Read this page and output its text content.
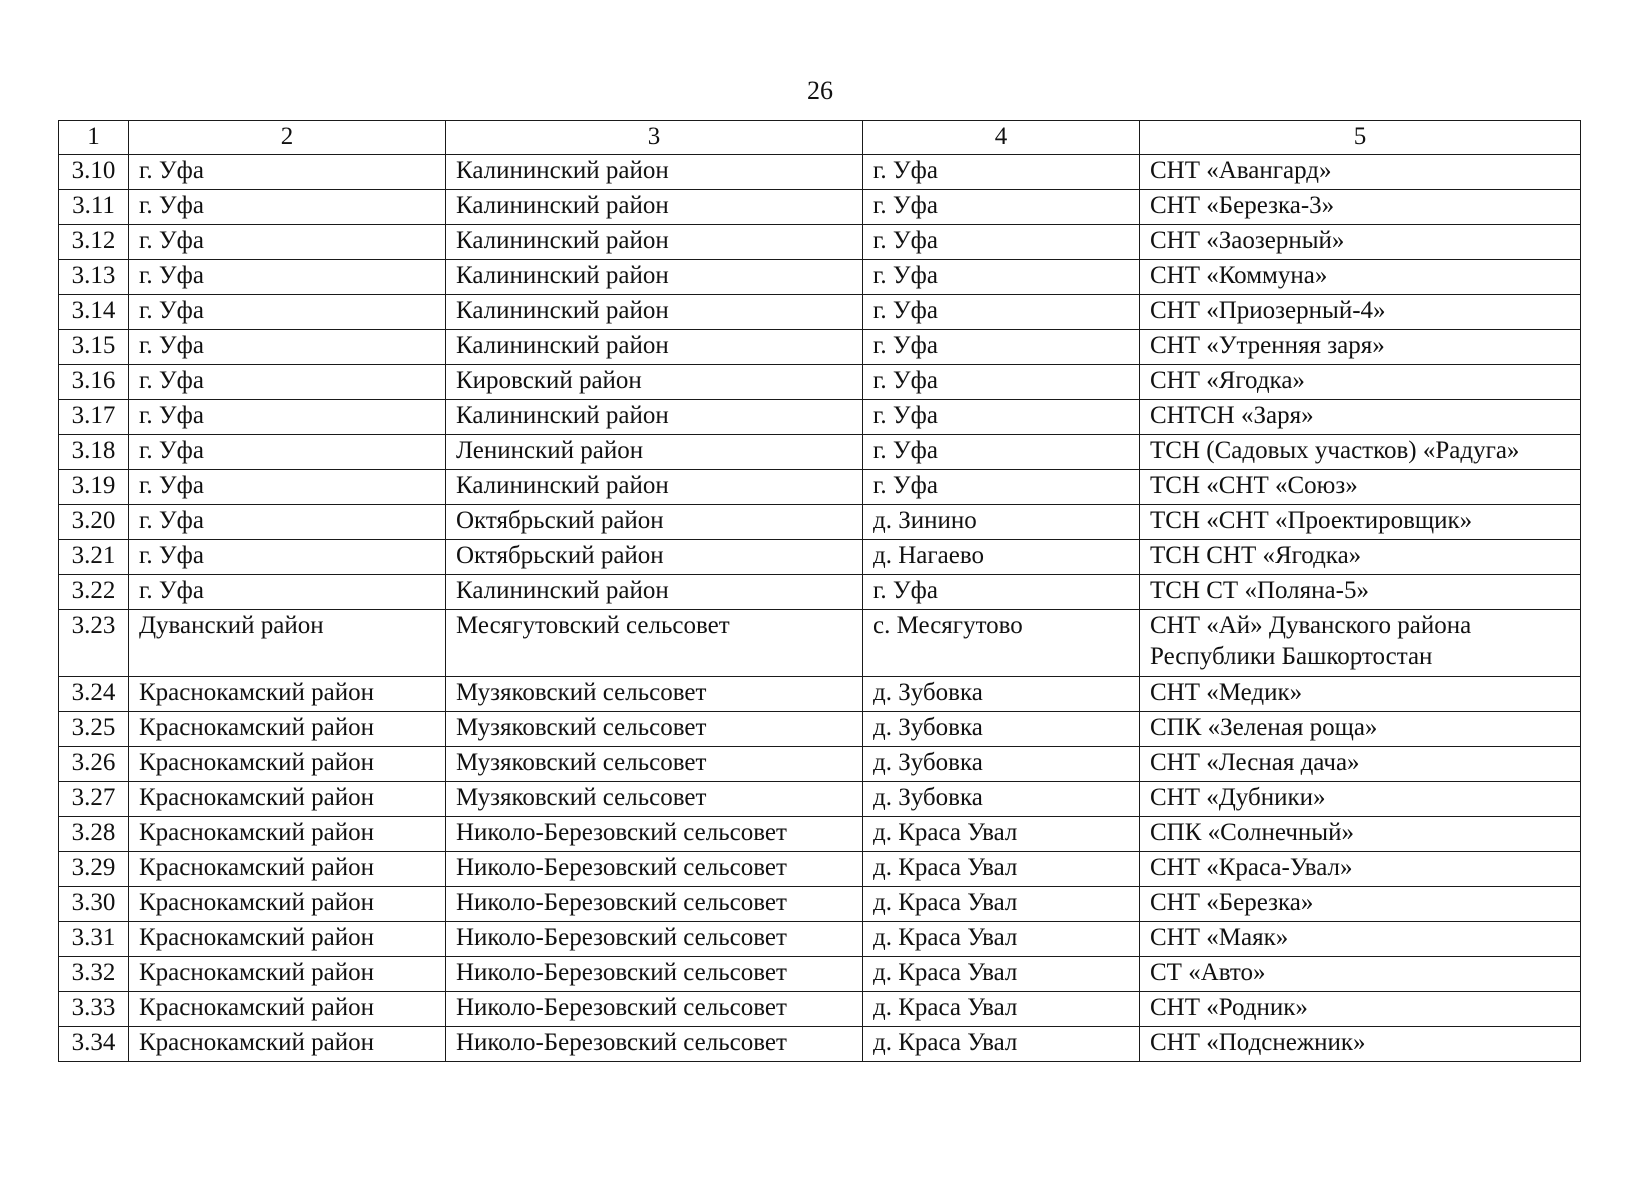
26
1	2	3	4	5
3.10	г. Уфа	Калининский район	г. Уфа	СНТ «Авангард»
3.11	г. Уфа	Калининский район	г. Уфа	СНТ «Березка-3»
3.12	г. Уфа	Калининский район	г. Уфа	СНТ «Заозерный»
3.13	г. Уфа	Калининский район	г. Уфа	СНТ «Коммуна»
3.14	г. Уфа	Калининский район	г. Уфа	СНТ «Приозерный-4»
3.15	г. Уфа	Калининский район	г. Уфа	СНТ «Утренняя заря»
3.16	г. Уфа	Кировский район	г. Уфа	СНТ «Ягодка»
3.17	г. Уфа	Калининский район	г. Уфа	СНТСН «Заря»
3.18	г. Уфа	Ленинский район	г. Уфа	ТСН (Садовых участков) «Радуга»
3.19	г. Уфа	Калининский район	г. Уфа	ТСН «СНТ «Союз»
3.20	г. Уфа	Октябрьский район	д. Зинино	ТСН «СНТ «Проектировщик»
3.21	г. Уфа	Октябрьский район	д. Нагаево	ТСН СНТ «Ягодка»
3.22	г. Уфа	Калининский район	г. Уфа	ТСН СТ «Поляна-5»
3.23	Дуванский район	Месягутовский сельсовет	с. Месягутово	СНТ «Ай» Дуванского района Республики Башкортостан
3.24	Краснокамский район	Музяковский сельсовет	д. Зубовка	СНТ «Медик»
3.25	Краснокамский район	Музяковский сельсовет	д. Зубовка	СПК «Зеленая роща»
3.26	Краснокамский район	Музяковский сельсовет	д. Зубовка	СНТ «Лесная дача»
3.27	Краснокамский район	Музяковский сельсовет	д. Зубовка	СНТ «Дубники»
3.28	Краснокамский район	Николо-Березовский сельсовет	д. Краса Увал	СПК «Солнечный»
3.29	Краснокамский район	Николо-Березовский сельсовет	д. Краса Увал	СНТ «Краса-Увал»
3.30	Краснокамский район	Николо-Березовский сельсовет	д. Краса Увал	СНТ «Березка»
3.31	Краснокамский район	Николо-Березовский сельсовет	д. Краса Увал	СНТ «Маяк»
3.32	Краснокамский район	Николо-Березовский сельсовет	д. Краса Увал	СТ «Авто»
3.33	Краснокамский район	Николо-Березовский сельсовет	д. Краса Увал	СНТ «Родник»
3.34	Краснокамский район	Николо-Березовский сельсовет	д. Краса Увал	СНТ «Подснежник»
